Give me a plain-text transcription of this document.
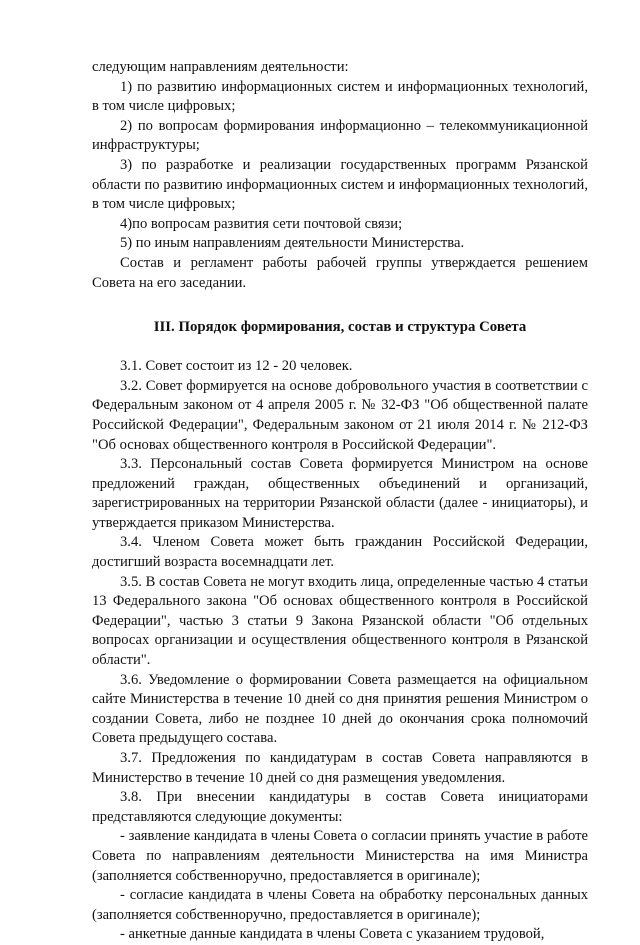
следующим направлениям деятельности:

1) по развитию информационных систем и информационных технологий, в том числе цифровых;

2) по вопросам формирования информационно – телекоммуникационной инфраструктуры;

3) по разработке и реализации государственных программ Рязанской области по развитию информационных систем и информационных технологий, в том числе цифровых;

4)по вопросам развития сети почтовой связи;

5) по иным направлениям деятельности Министерства.

Состав и регламент работы рабочей группы утверждается решением Совета на его заседании.

III. Порядок формирования, состав и структура Совета

3.1. Совет состоит из 12 - 20 человек.

3.2. Совет формируется на основе добровольного участия в соответствии с Федеральным законом от 4 апреля 2005 г. № 32-ФЗ "Об общественной палате Российской Федерации", Федеральным законом от 21 июля 2014 г. № 212-ФЗ "Об основах общественного контроля в Российской Федерации".

3.3. Персональный состав Совета формируется Министром на основе предложений граждан, общественных объединений и организаций, зарегистрированных на территории Рязанской области (далее - инициаторы), и утверждается приказом Министерства.

3.4. Членом Совета может быть гражданин Российской Федерации, достигший возраста восемнадцати лет.

3.5. В состав Совета не могут входить лица, определенные частью 4 статьи 13 Федерального закона "Об основах общественного контроля в Российской Федерации", частью 3 статьи 9 Закона Рязанской области "Об отдельных вопросах организации и осуществления общественного контроля в Рязанской области".

3.6. Уведомление о формировании Совета размещается на официальном сайте Министерства в течение 10 дней со дня принятия решения Министром о создании Совета, либо не позднее 10 дней до окончания срока полномочий Совета предыдущего состава.

3.7. Предложения по кандидатурам в состав Совета направляются в Министерство в течение 10 дней со дня размещения уведомления.

3.8. При внесении кандидатуры в состав Совета инициаторами представляются следующие документы:

- заявление кандидата в члены Совета о согласии принять участие в работе Совета по направлениям деятельности Министерства на имя Министра (заполняется собственноручно, предоставляется в оригинале);

- согласие кандидата в члены Совета на обработку персональных данных (заполняется собственноручно, предоставляется в оригинале);

- анкетные данные кандидата в члены Совета с указанием трудовой,
